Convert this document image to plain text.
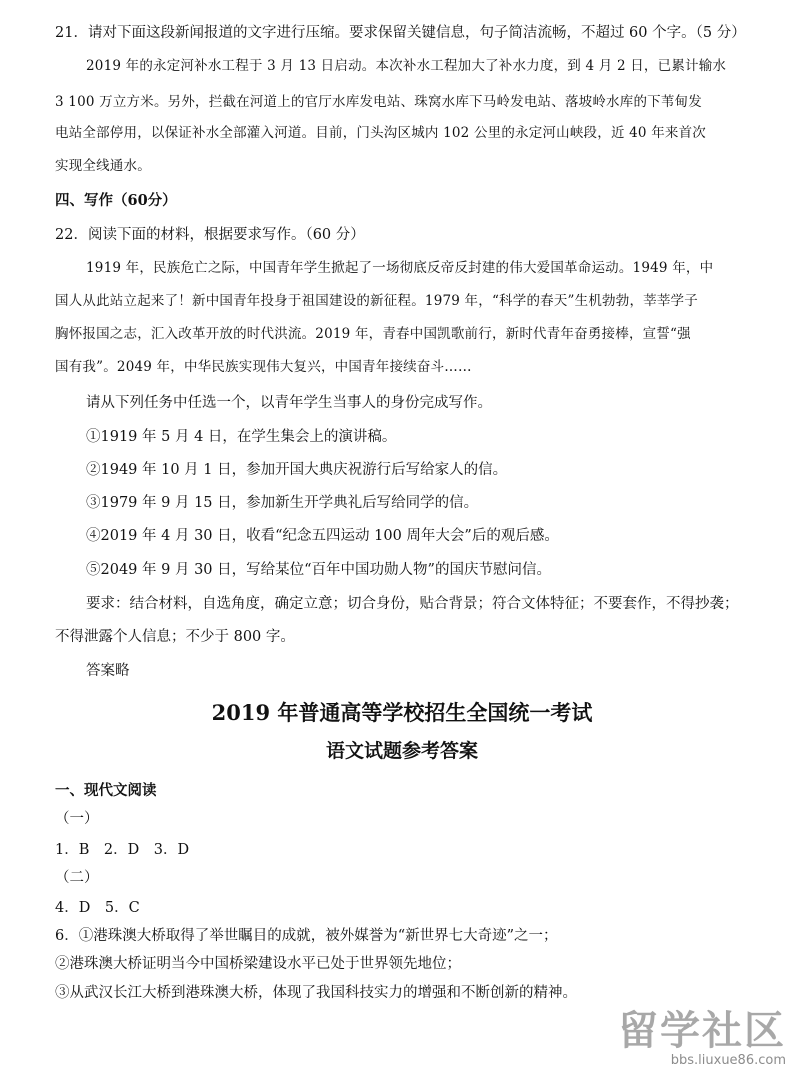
21．请对下面这段新闻报道的文字进行压缩。要求保留关键信息，句子简洁流畅，不超过 60 个字。（5 分）
2019 年的永定河补水工程于 3 月 13 日启动。本次补水工程加大了补水力度，到 4 月 2 日，已累计输水
3 100 万立方米。另外，拦截在河道上的官厅水库发电站、珠窝水库下马岭发电站、落坡岭水库的下苇甸发
电站全部停用，以保证补水全部灌入河道。目前，门头沟区城内 102 公里的永定河山峡段，近 40 年来首次
实现全线通水。
四、写作（60分）
22．阅读下面的材料，根据要求写作。（60 分）
1919 年，民族危亡之际，中国青年学生掀起了一场彻底反帝反封建的伟大爱国革命运动。1949 年，中
国人从此站立起来了！新中国青年投身于祖国建设的新征程。1979 年，“科学的春天”生机勃勃，莘莘学子
胸怀报国之志，汇入改革开放的时代洪流。2019 年，青春中国凯歌前行，新时代青年奋勇接棒，宣誓“强
国有我”。2049 年，中华民族实现伟大复兴，中国青年接续奋斗……
请从下列任务中任选一个，以青年学生当事人的身份完成写作。
①1919 年 5 月 4 日，在学生集会上的演讲稿。
②1949 年 10 月 1 日，参加开国大典庆祝游行后写给家人的信。
③1979 年 9 月 15 日，参加新生开学典礼后写给同学的信。
④2019 年 4 月 30 日，收看“纪念五四运动 100 周年大会”后的观后感。
⑤2049 年 9 月 30 日，写给某位“百年中国功勋人物”的国庆节慰问信。
要求：结合材料，自选角度，确定立意；切合身份，贴合背景；符合文体特征；不要套作，不得抄袭；
不得泄露个人信息；不少于 800 字。
答案略
2019 年普通高等学校招生全国统一考试
语文试题参考答案
一、现代文阅读
（一）
1．B　2．D　3．D
（二）
4．D　5．C
6．①港珠澳大桥取得了举世瞩目的成就，被外媒誉为“新世界七大奇迹”之一；
②港珠澳大桥证明当今中国桥梁建设水平已处于世界领先地位；
③从武汉长江大桥到港珠澳大桥，体现了我国科技实力的增强和不断创新的精神。
留学社区
bbs.liuxue86.com
